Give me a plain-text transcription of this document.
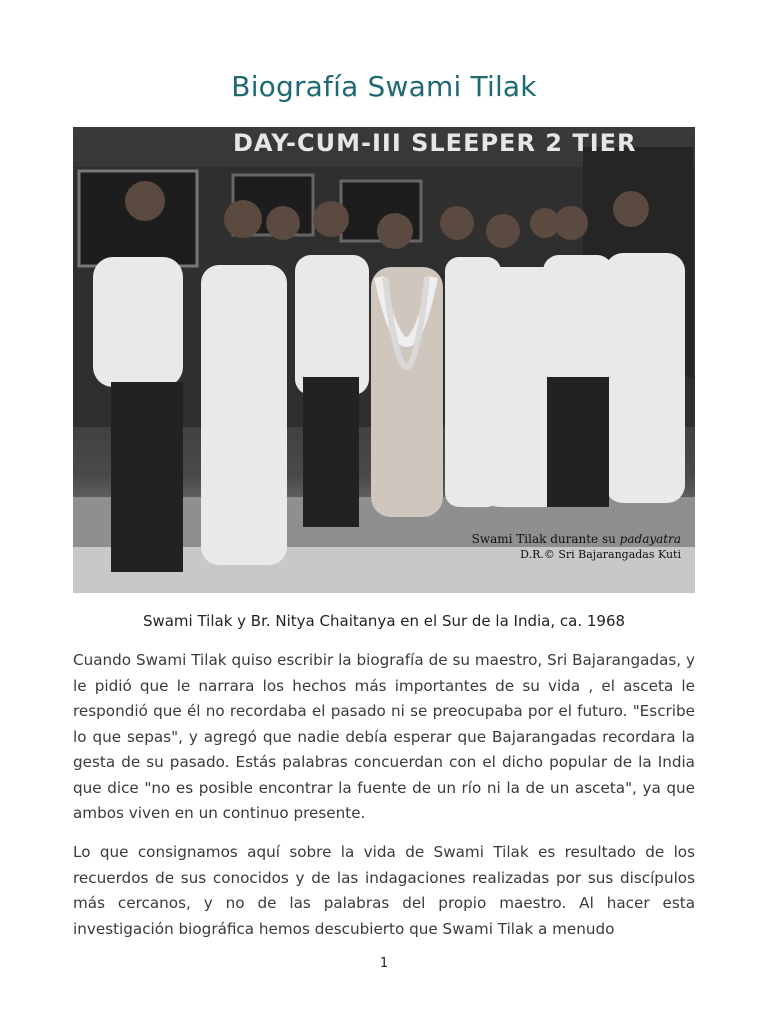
Biografía Swami Tilak
DAY-CUM-III SLEEPER 2 TIER
Swami Tilak durante su padayatra
D.R.© Sri Bajarangadas Kuti

Swami Tilak y Br. Nitya Chaitanya en el Sur de la India, ca. 1968

Cuando Swami Tilak quiso escribir la biografía de su maestro, Sri Bajarangadas, y le pidió que le narrara los hechos más importantes de su vida , el asceta le respondió que él no recordaba el pasado ni se preocupaba por el futuro. "Escribe lo que sepas", y agregó que nadie debía esperar que Bajarangadas recordara la gesta de su pasado. Estás palabras concuerdan con el dicho popular de la India que dice "no es posible encontrar la fuente de un río ni la de un asceta", ya que ambos viven en un continuo presente.

Lo que consignamos aquí sobre la vida de Swami Tilak es resultado de los recuerdos de sus conocidos y de las indagaciones realizadas por sus discípulos más cercanos, y no de las palabras del propio maestro. Al hacer esta investigación biográfica hemos descubierto que Swami Tilak a menudo

1
